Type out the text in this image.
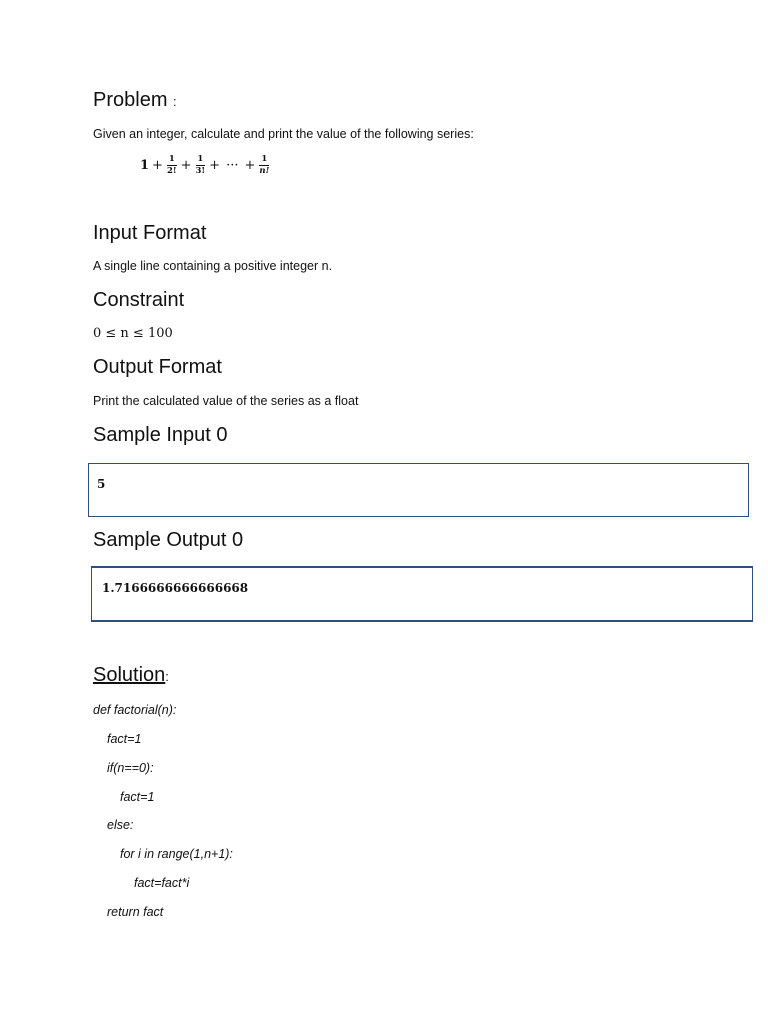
Problem :
Given an integer, calculate and print the value of the following series:
$1 + \frac{1}{2!} + \frac{1}{3!}$ + ··· + $\frac{1}{n!}$
Input Format
A single line containing a positive integer n.
Constraint
0 ≤ n ≤ 100
Output Format
Print the calculated value of the series as a float
Sample Input 0
5
Sample Output 0
1.7166666666666668
Solution:
def factorial(n):
fact=1
if(n==0):
fact=1
else:
for i in range(1,n+1):
fact=fact*i
return fact
